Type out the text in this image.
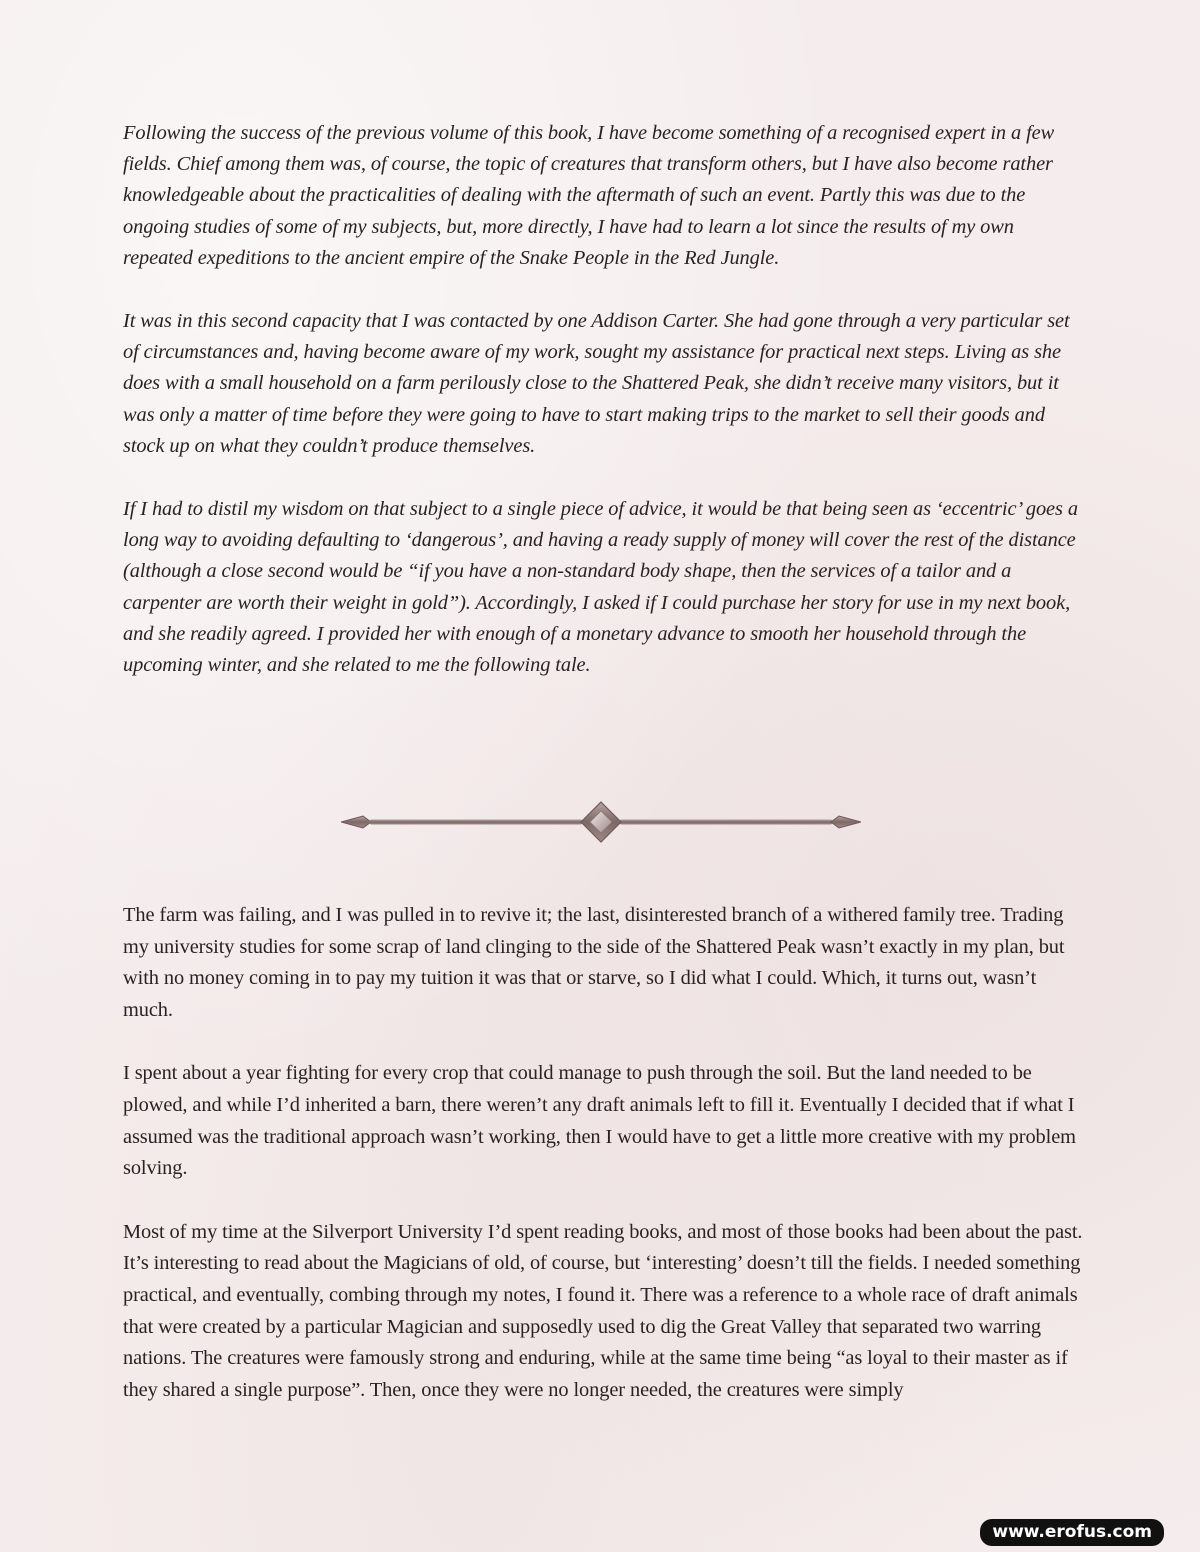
Following the success of the previous volume of this book, I have become something of a recognised expert in a few fields. Chief among them was, of course, the topic of creatures that transform others, but I have also become rather knowledgeable about the practicalities of dealing with the aftermath of such an event. Partly this was due to the ongoing studies of some of my subjects, but, more directly, I have had to learn a lot since the results of my own repeated expeditions to the ancient empire of the Snake People in the Red Jungle.

It was in this second capacity that I was contacted by one Addison Carter. She had gone through a very particular set of circumstances and, having become aware of my work, sought my assistance for practical next steps. Living as she does with a small household on a farm perilously close to the Shattered Peak, she didn’t receive many visitors, but it was only a matter of time before they were going to have to start making trips to the market to sell their goods and stock up on what they couldn’t produce themselves.

If I had to distil my wisdom on that subject to a single piece of advice, it would be that being seen as ‘eccentric’ goes a long way to avoiding defaulting to ‘dangerous’, and having a ready supply of money will cover the rest of the distance (although a close second would be “if you have a non-standard body shape, then the services of a tailor and a carpenter are worth their weight in gold”). Accordingly, I asked if I could purchase her story for use in my next book, and she readily agreed. I provided her with enough of a monetary advance to smooth her household through the upcoming winter, and she related to me the following tale.

The farm was failing, and I was pulled in to revive it; the last, disinterested branch of a withered family tree. Trading my university studies for some scrap of land clinging to the side of the Shattered Peak wasn’t exactly in my plan, but with no money coming in to pay my tuition it was that or starve, so I did what I could. Which, it turns out, wasn’t much.

I spent about a year fighting for every crop that could manage to push through the soil. But the land needed to be plowed, and while I’d inherited a barn, there weren’t any draft animals left to fill it. Eventually I decided that if what I assumed was the traditional approach wasn’t working, then I would have to get a little more creative with my problem solving.

Most of my time at the Silverport University I’d spent reading books, and most of those books had been about the past. It’s interesting to read about the Magicians of old, of course, but ‘interesting’ doesn’t till the fields. I needed something practical, and eventually, combing through my notes, I found it. There was a reference to a whole race of draft animals that were created by a particular Magician and supposedly used to dig the Great Valley that separated two warring nations. The creatures were famously strong and enduring, while at the same time being “as loyal to their master as if they shared a single purpose”. Then, once they were no longer needed, the creatures were simply

www.erofus.com
